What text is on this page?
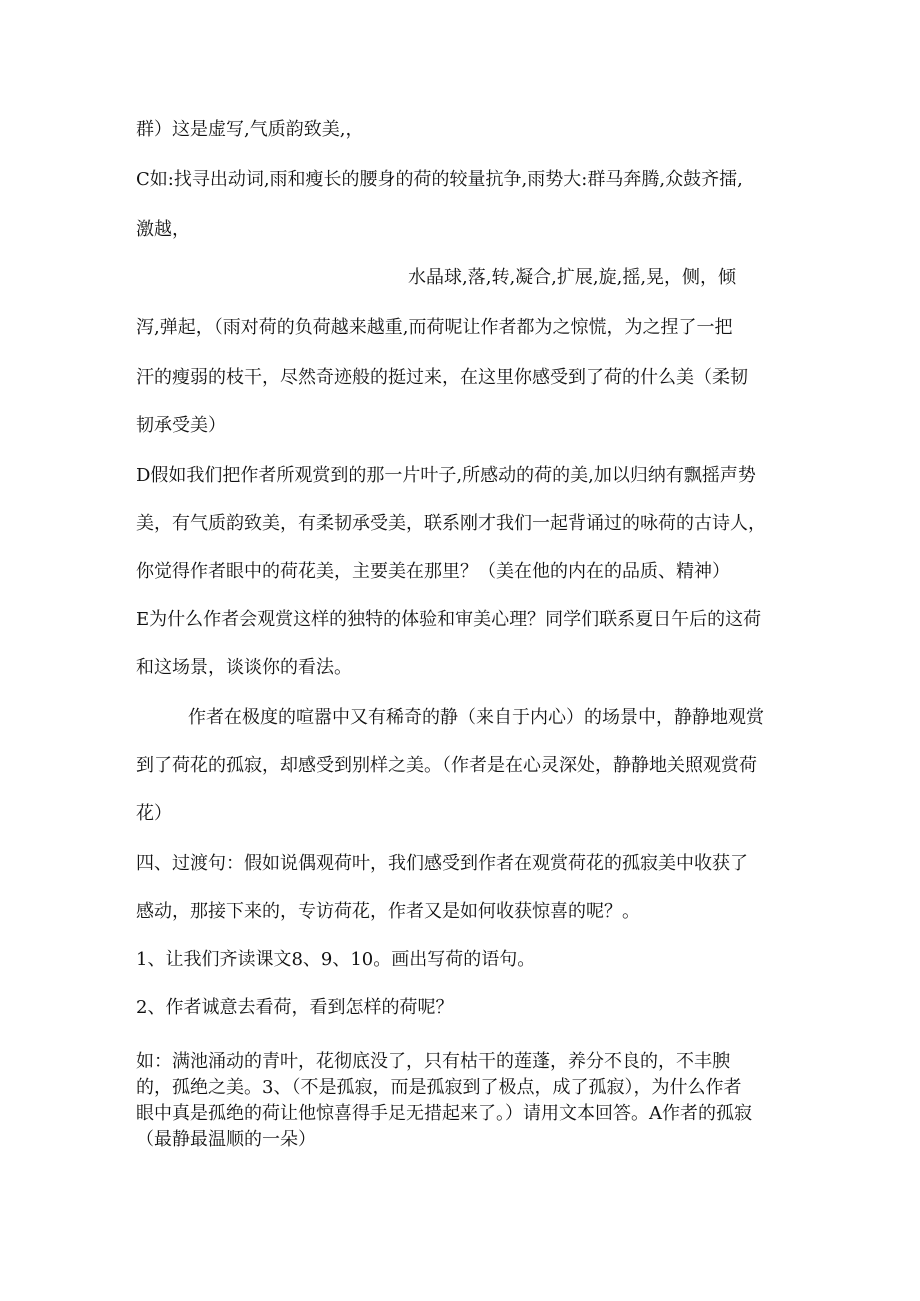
群）这是虚写,气质韵致美,，
C如:找寻出动词,雨和瘦长的腰身的荷的较量抗争,雨势大:群马奔腾,众鼓齐擂,
激越，
水晶球,落,转,凝合,扩展,旋,摇,晃，侧，倾
泻,弹起，（雨对荷的负荷越来越重,而荷呢让作者都为之惊慌，为之捏了一把
汗的瘦弱的枝干，尽然奇迹般的挺过来，在这里你感受到了荷的什么美（柔韧
韧承受美）
D假如我们把作者所观赏到的那一片叶子,所感动的荷的美,加以归纳有飘摇声势
美，有气质韵致美，有柔韧承受美，联系刚才我们一起背诵过的咏荷的古诗人，
你觉得作者眼中的荷花美，主要美在那里？（美在他的内在的品质、精神）
E为什么作者会观赏这样的独特的体验和审美心理？同学们联系夏日午后的这荷
和这场景，谈谈你的看法。
作者在极度的喧嚣中又有稀奇的静（来自于内心）的场景中，静静地观赏
到了荷花的孤寂，却感受到别样之美。（作者是在心灵深处，静静地关照观赏荷
花）
四、过渡句：假如说偶观荷叶，我们感受到作者在观赏荷花的孤寂美中收获了
感动，那接下来的，专访荷花，作者又是如何收获惊喜的呢？。
1、让我们齐读课文8、9、10。画出写荷的语句。
2、作者诚意去看荷，看到怎样的荷呢？
如：满池涌动的青叶，花彻底没了，只有枯干的莲蓬，养分不良的，不丰腴
的，孤绝之美。3、（不是孤寂，而是孤寂到了极点，成了孤寂），为什么作者
眼中真是孤绝的荷让他惊喜得手足无措起来了。）请用文本回答。A作者的孤寂
（最静最温顺的一朵）
